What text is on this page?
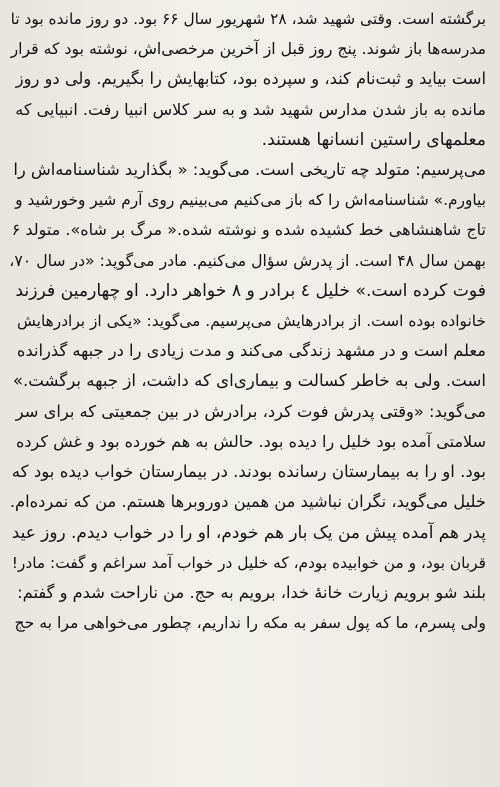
برگشته است. وقتی شهید شد، ۲۸ شهریور سال ۶۶ بود. دو روز مانده بود تا
مدرسه‌ها باز شوند. پنج روز قبل از آخرین مرخصی‌اش، نوشته بود که قرار
است بیاید و ثبت‌نام کند، و سپرده بود، کتابهایش را بگیریم. ولی دو روز
مانده به باز شدن مدارس شهید شد و به سر کلاس انبیا رفت. انبیایی که
معلمهای راستین انسانها هستند.
می‌پرسیم: متولد چه تاریخی است. می‌گوید: « بگذارید شناسنامه‌اش را
بیاورم.» شناسنامه‌اش را که باز می‌کنیم می‌بینیم روی آرم شیر وخورشید و
تاج شاهنشاهی خط کشیده شده و نوشته شده.« مرگ بر شاه». متولد ۶
بهمن سال ۴۸ است. از پدرش سؤال می‌کنیم. مادر می‌گوید: «در سال ۷۰،
فوت کرده است.» خلیل ٤ برادر و ۸ خواهر دارد. او چهارمین فرزند
خانواده بوده است. از برادرهایش می‌پرسیم. می‌گوید: «یکی از برادرهایش
معلم است و در مشهد زندگی می‌کند و مدت زیادی را در جبهه گذرانده
است. ولی به خاطر کسالت و بیماری‌ای که داشت، از جبهه برگشت.»
می‌گوید: «وقتی پدرش فوت کرد، برادرش در بین جمعیتی که برای سر
سلامتی آمده بود خلیل را دیده بود. حالش به هم خورده بود و غش کرده
بود. او را به بیمارستان رسانده بودند. در بیمارستان خواب دیده بود که
خلیل می‌گوید، نگران نباشید من همین دوروبرها هستم. من که نمرده‌ام.
پدر هم آمده پیش من یک بار هم خودم، او را در خواب دیدم. روز عید
قربان بود، و من خوابیده بودم، که خلیل در خواب آمد سراغم و گفت: مادر!
بلند شو برویم زیارت خانهٔ خدا، برویم به حج. من ناراحت شدم و گفتم:
ولی پسرم، ما که پول سفر به مکه را نداریم، چطور می‌خواهی مرا به حج
